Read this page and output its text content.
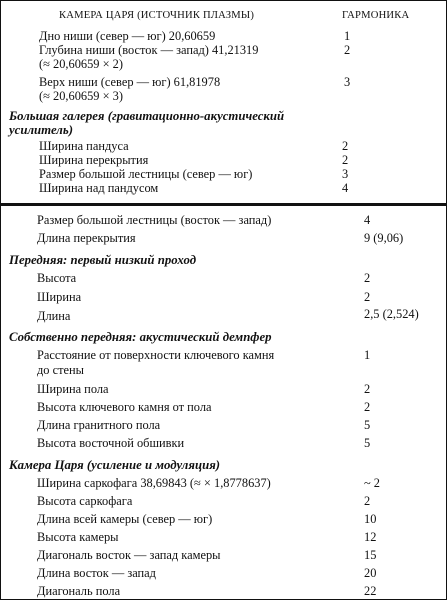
КАМЕРА ЦАРЯ (ИСТОЧНИК ПЛАЗМЫ)	ГАРМОНИКА
Дно ниши (север — юг) 20,60659	1
Глубина ниши (восток — запад) 41,21319	2
(≈ 20,60659 × 2)
Верх ниши (север — юг) 61,81978	3
(≈ 20,60659 × 3)
Большая галерея (гравитационно-акустический
усилитель)
Ширина пандуса	2
Ширина перекрытия	2
Размер большой лестницы (север — юг)	3
Ширина над пандусом	4
Размер большой лестницы (восток — запад)	4
Длина перекрытия	9 (9,06)
Передняя: первый низкий проход
Высота	2
Ширина	2
Длина	2,5 (2,524)
Собственно передняя: акустический демпфер
Расстояние от поверхности ключевого камня	1
до стены
Ширина пола	2
Высота ключевого камня от пола	2
Длина гранитного пола	5
Высота восточной обшивки	5
Камера Царя (усиление и модуляция)
Ширина саркофага 38,69843 (≈ × 1,8778637)	~ 2
Высота саркофага	2
Длина всей камеры (север — юг)	10
Высота камеры	12
Диагональ восток — запад камеры	15
Длина восток — запад	20
Диагональ пола	22
